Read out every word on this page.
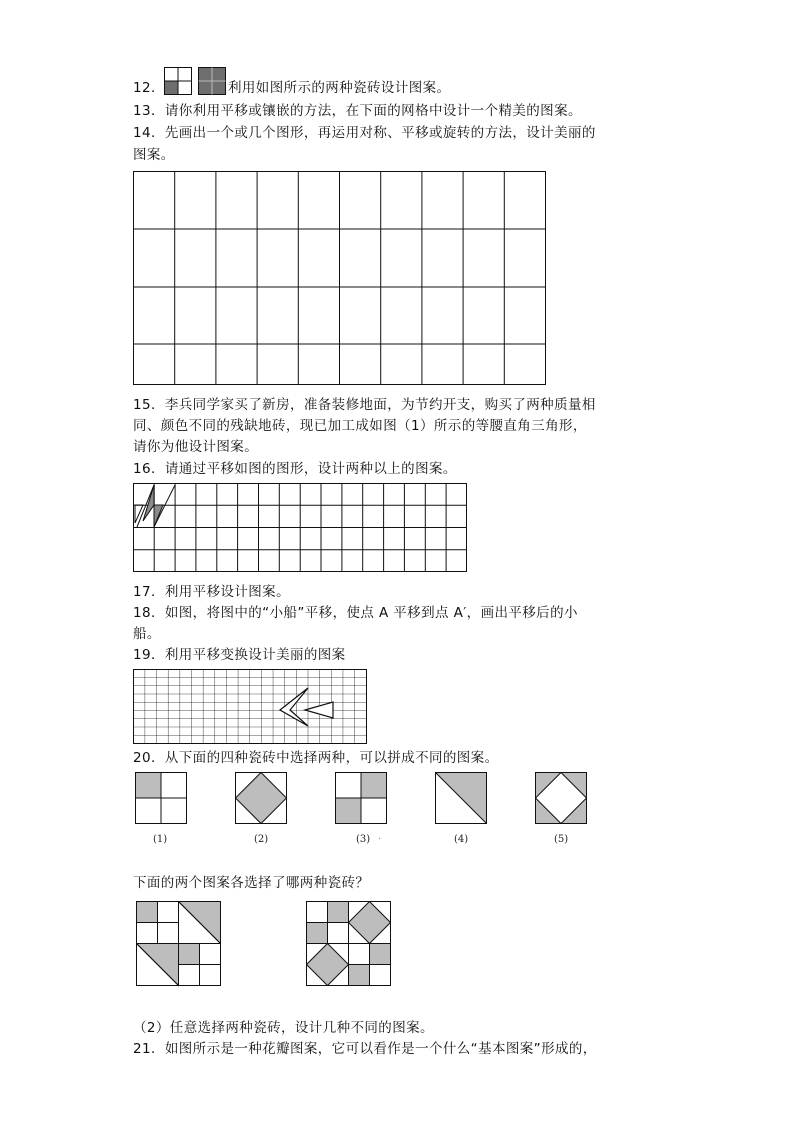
12．	利用如图所示的两种瓷砖设计图案。
13．请你利用平移或镶嵌的方法，在下面的网格中设计一个精美的图案。
14．先画出一个或几个图形，再运用对称、平移或旋转的方法，设计美丽的
图案。
15．李兵同学家买了新房，准备装修地面，为节约开支，购买了两种质量相
同、颜色不同的残缺地砖，现已加工成如图（1）所示的等腰直角三角形，
请你为他设计图案。
16．请通过平移如图的图形，设计两种以上的图案。
17．利用平移设计图案。
18．如图，将图中的“小船”平移，使点 A 平移到点 A′，画出平移后的小
船。
19．利用平移变换设计美丽的图案
20．从下面的四种瓷砖中选择两种，可以拼成不同的图案。
(1)	(2)	(3) ·	(4)	(5)
下面的两个图案各选择了哪两种瓷砖？
（2）任意选择两种瓷砖，设计几种不同的图案。
21．如图所示是一种花瓣图案，它可以看作是一个什么“基本图案”形成的，
